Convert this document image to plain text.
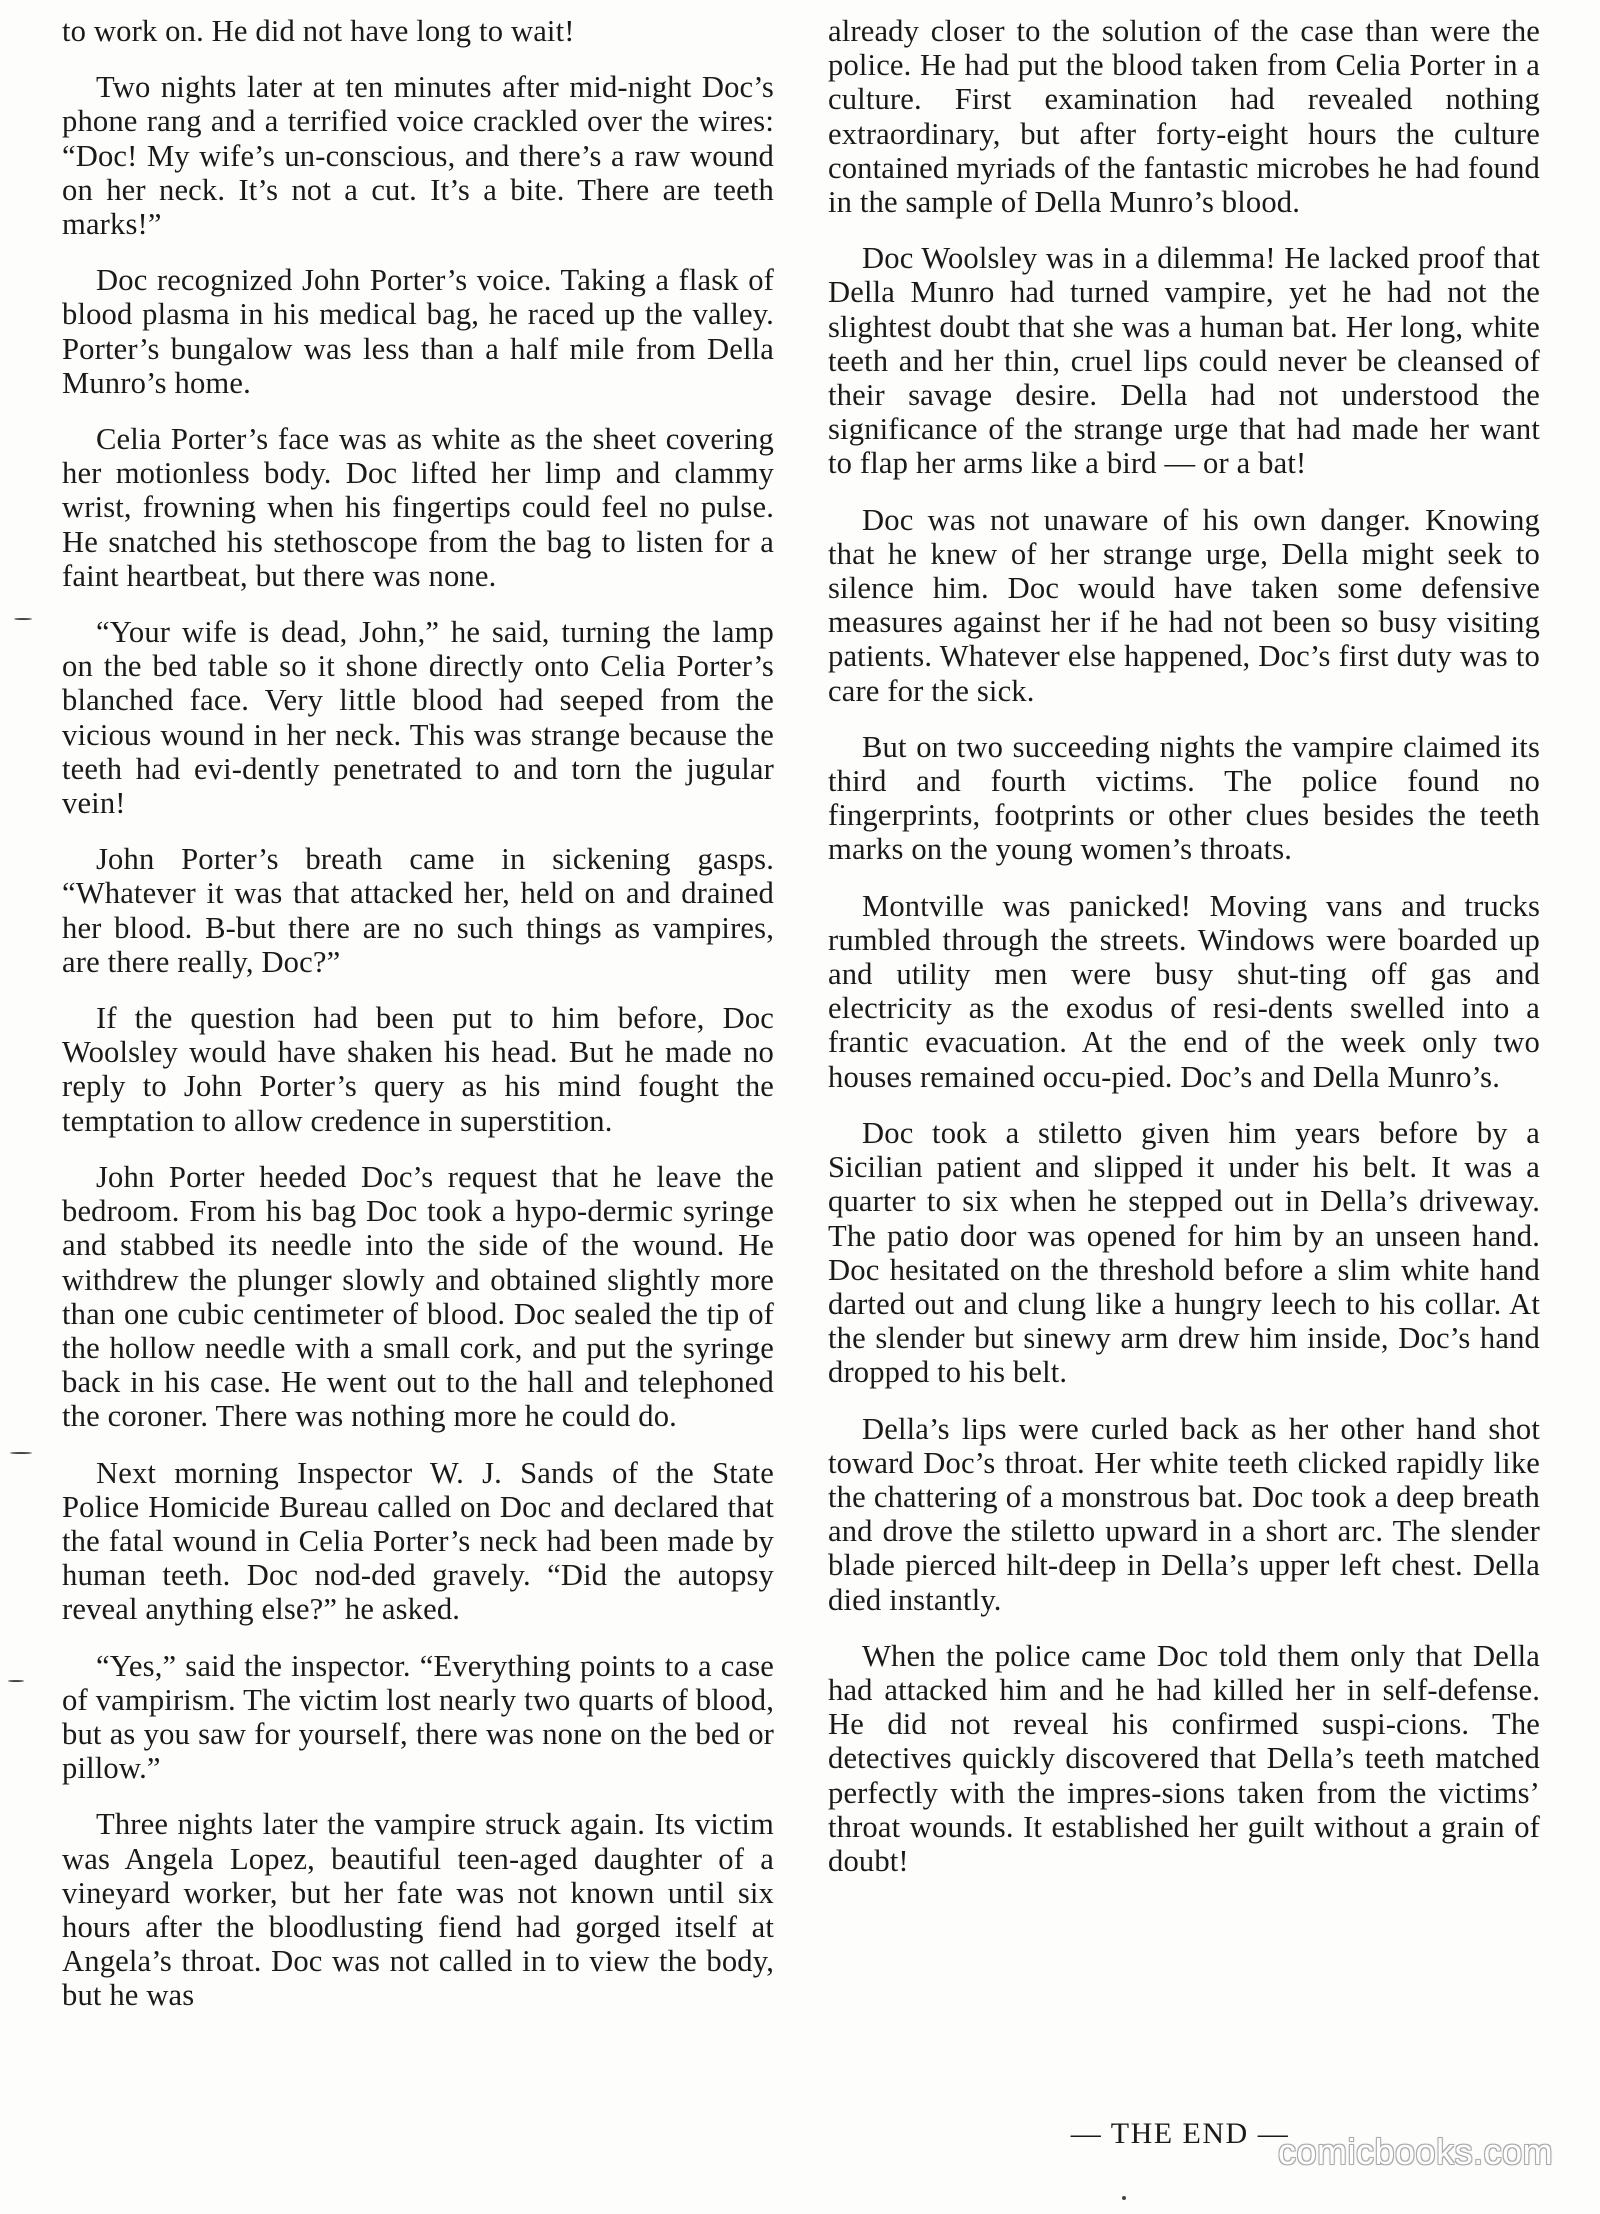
to work on. He did not have long to wait!

Two nights later at ten minutes after mid-night Doc’s phone rang and a terrified voice crackled over the wires: “Doc! My wife’s un-conscious, and there’s a raw wound on her neck. It’s not a cut. It’s a bite. There are teeth marks!”

Doc recognized John Porter’s voice. Taking a flask of blood plasma in his medical bag, he raced up the valley. Porter’s bungalow was less than a half mile from Della Munro’s home.

Celia Porter’s face was as white as the sheet covering her motionless body. Doc lifted her limp and clammy wrist, frowning when his fingertips could feel no pulse. He snatched his stethoscope from the bag to listen for a faint heartbeat, but there was none.

“Your wife is dead, John,” he said, turning the lamp on the bed table so it shone directly onto Celia Porter’s blanched face. Very little blood had seeped from the vicious wound in her neck. This was strange because the teeth had evi-dently penetrated to and torn the jugular vein!

John Porter’s breath came in sickening gasps. “Whatever it was that attacked her, held on and drained her blood. B-but there are no such things as vampires, are there really, Doc?”

If the question had been put to him before, Doc Woolsley would have shaken his head. But he made no reply to John Porter’s query as his mind fought the temptation to allow credence in superstition.

John Porter heeded Doc’s request that he leave the bedroom. From his bag Doc took a hypo-dermic syringe and stabbed its needle into the side of the wound. He withdrew the plunger slowly and obtained slightly more than one cubic centimeter of blood. Doc sealed the tip of the hollow needle with a small cork, and put the syringe back in his case. He went out to the hall and telephoned the coroner. There was nothing more he could do.

Next morning Inspector W. J. Sands of the State Police Homicide Bureau called on Doc and declared that the fatal wound in Celia Porter’s neck had been made by human teeth. Doc nod-ded gravely. “Did the autopsy reveal anything else?” he asked.

“Yes,” said the inspector. “Everything points to a case of vampirism. The victim lost nearly two quarts of blood, but as you saw for yourself, there was none on the bed or pillow.”

Three nights later the vampire struck again. Its victim was Angela Lopez, beautiful teen-aged daughter of a vineyard worker, but her fate was not known until six hours after the bloodlusting fiend had gorged itself at Angela’s throat. Doc was not called in to view the body, but he was

already closer to the solution of the case than were the police. He had put the blood taken from Celia Porter in a culture. First examination had revealed nothing extraordinary, but after forty-eight hours the culture contained myriads of the fantastic microbes he had found in the sample of Della Munro’s blood.

Doc Woolsley was in a dilemma! He lacked proof that Della Munro had turned vampire, yet he had not the slightest doubt that she was a human bat. Her long, white teeth and her thin, cruel lips could never be cleansed of their savage desire. Della had not understood the significance of the strange urge that had made her want to flap her arms like a bird — or a bat!

Doc was not unaware of his own danger. Knowing that he knew of her strange urge, Della might seek to silence him. Doc would have taken some defensive measures against her if he had not been so busy visiting patients. Whatever else happened, Doc’s first duty was to care for the sick.

But on two succeeding nights the vampire claimed its third and fourth victims. The police found no fingerprints, footprints or other clues besides the teeth marks on the young women’s throats.

Montville was panicked! Moving vans and trucks rumbled through the streets. Windows were boarded up and utility men were busy shut-ting off gas and electricity as the exodus of resi-dents swelled into a frantic evacuation. At the end of the week only two houses remained occu-pied. Doc’s and Della Munro’s.

Doc took a stiletto given him years before by a Sicilian patient and slipped it under his belt. It was a quarter to six when he stepped out in Della’s driveway. The patio door was opened for him by an unseen hand. Doc hesitated on the threshold before a slim white hand darted out and clung like a hungry leech to his collar. At the slender but sinewy arm drew him inside, Doc’s hand dropped to his belt.

Della’s lips were curled back as her other hand shot toward Doc’s throat. Her white teeth clicked rapidly like the chattering of a monstrous bat. Doc took a deep breath and drove the stiletto upward in a short arc. The slender blade pierced hilt-deep in Della’s upper left chest. Della died instantly.

When the police came Doc told them only that Della had attacked him and he had killed her in self-defense. He did not reveal his confirmed suspi-cions. The detectives quickly discovered that Della’s teeth matched perfectly with the impres-sions taken from the victims’ throat wounds. It established her guilt without a grain of doubt!

— THE END —
comicbooks.com
